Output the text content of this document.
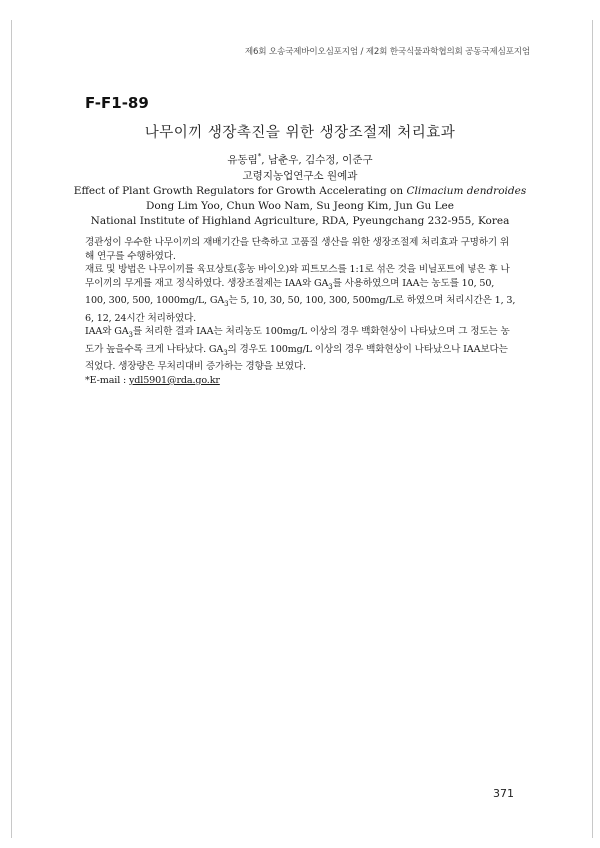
제6회 오송국제바이오심포지엄 / 제2회 한국식물과학협의회 공동국제심포지엄
F-F1-89
나무이끼 생장촉진을 위한 생장조절제 처리효과
유동림*, 남춘우, 김수정, 이준구
고령지농업연구소 원예과
Effect of Plant Growth Regulators for Growth Accelerating on Climacium dendroides
Dong Lim Yoo, Chun Woo Nam, Su Jeong Kim, Jun Gu Lee
National Institute of Highland Agriculture, RDA, Pyeungchang 232-955, Korea

경관성이 우수한 나무이끼의 재배기간을 단축하고 고품질 생산을 위한 생장조절제 처리효과 구명하기 위해 연구를 수행하였다.

재료 및 방법은 나무이끼를 육묘상토(홍농 바이오)와 피트모스를 1:1로 섞은 것을 비닐포트에 넣은 후 나무이끼의 무게를 재고 정식하였다. 생장조절제는 IAA와 $GA_3$를 사용하였으며 IAA는 농도를 10, 50, 100, 300, 500, 1000mg/L, $GA_3$는 5, 10, 30, 50, 100, 300, 500mg/L로 하였으며 처리시간은 1, 3, 6, 12, 24시간 처리하였다.

IAA와 $GA_3$를 처리한 결과 IAA는 처리농도 100mg/L 이상의 경우 백화현상이 나타났으며 그 정도는 농도가 높을수록 크게 나타났다. $GA_3$의 경우도 100mg/L 이상의 경우 백화현상이 나타났으나 IAA보다는 적었다. 생장량은 무처리대비 증가하는 경향을 보였다.

*E-mail : ydl5901@rda.go.kr

371
